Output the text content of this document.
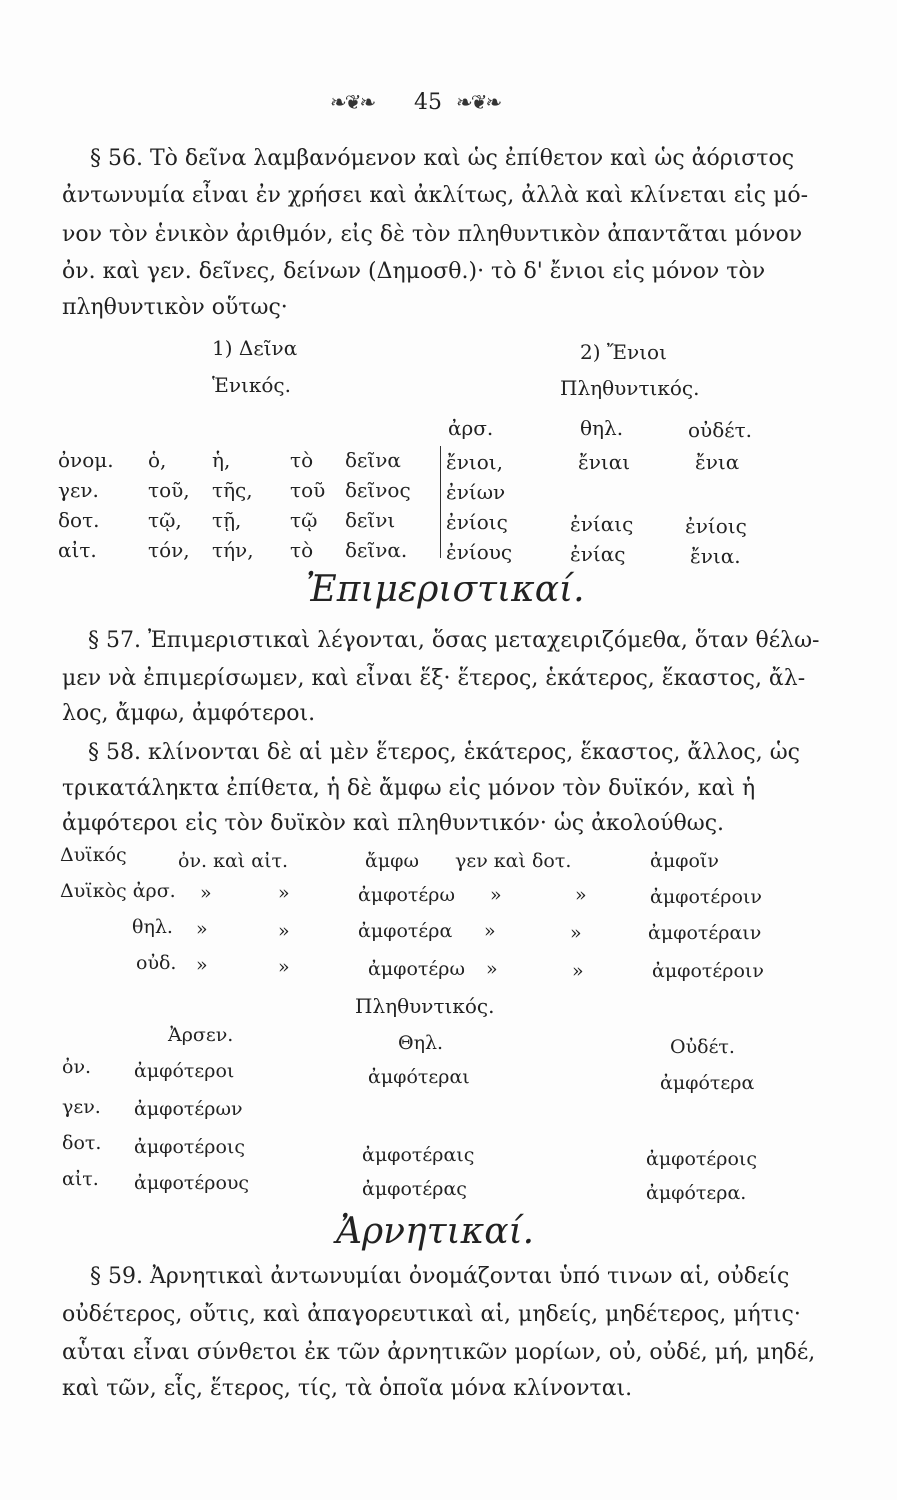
❧❦❧ 45 ❧❦❧
§ 56. Τὸ δεῖνα λαμβανόμενον καὶ ὡς ἐπίθετον καὶ ὡς ἀόριστος
ἀντωνυμία εἶναι ἐν χρήσει καὶ ἀκλίτως, ἀλλὰ καὶ κλίνεται εἰς μό-
νον τὸν ἑνικὸν ἀριθμόν, εἰς δὲ τὸν πληθυντικὸν ἀπαντᾶται μόνον
ὀν. καὶ γεν. δεῖνες, δείνων (Δημοσθ.)· τὸ δ' ἔνιοι εἰς μόνον τὸν
πληθυντικὸν οὕτως·
1) Δεῖνα
Ἑνικός.
2) Ἔνιοι
Πληθυντικός.
ἀρσ.	θηλ.	οὐδέτ.
ὀνομ. ὁ, ἡ,	τὸ δεῖνα ἔνιοι,	ἔνιαι	ἔνια
γεν. τοῦ, τῆς, τοῦ δεῖνος ἐνίων
δοτ. τῷ, τῇ, τῷ δεῖνι	ἐνίοις	ἐνίαις	ἐνίοις
αἰτ.	τόν, τήν, τὸ δεῖνα. ἐνίους	ἐνίας	ἔνια.
Ἐπιμεριστικαί.
§ 57. Ἐπιμεριστικαὶ λέγονται, ὅσας μεταχειριζόμεθα, ὅταν θέλω-
μεν νὰ ἐπιμερίσωμεν, καὶ εἶναι ἕξ· ἕτερος, ἑκάτερος, ἕκαστος, ἄλ-
λος, ἄμφω, ἀμφότεροι.
§ 58. κλίνονται δὲ αἱ μὲν ἕτερος, ἑκάτερος, ἕκαστος, ἄλλος, ὡς
τρικατάληκτα ἐπίθετα, ἡ δὲ ἄμφω εἰς μόνον τὸν δυϊκόν, καὶ ἡ
ἀμφότεροι εἰς τὸν δυϊκὸν καὶ πληθυντικόν· ὡς ἀκολούθως.
Δυϊκός	ὀν. καὶ αἰτ.	ἄμφω γεν καὶ δοτ.	ἀμφοῖν
Δυϊκὸς ἀρσ. »	»	ἀμφοτέρω »	»	ἀμφοτέροιν
θηλ. »	»	ἀμφοτέρα »	»	ἀμφοτέραιν
οὐδ. »	»	ἀμφοτέρω »	»	ἀμφοτέροιν
Πληθυντικός.
Ἀρσεν.	Θηλ.	Οὐδέτ.
ὀν. ἀμφότεροι	ἀμφότεραι	ἀμφότερα
γεν. ἀμφοτέρων
δοτ. ἀμφοτέροις	ἀμφοτέραις	ἀμφοτέροις
αἰτ. ἀμφοτέρους	ἀμφοτέρας	ἀμφότερα.
Ἀρνητικαί.
§ 59. Ἀρνητικαὶ ἀντωνυμίαι ὀνομάζονται ὑπό τινων αἱ, οὐδείς
οὐδέτερος, οὔτις, καὶ ἀπαγορευτικαὶ αἱ, μηδείς, μηδέτερος, μήτις·
αὗται εἶναι σύνθετοι ἐκ τῶν ἀρνητικῶν μορίων, οὐ, οὐδέ, μή, μηδέ,
καὶ τῶν, εἷς, ἕτερος, τίς, τὰ ὁποῖα μόνα κλίνονται.
